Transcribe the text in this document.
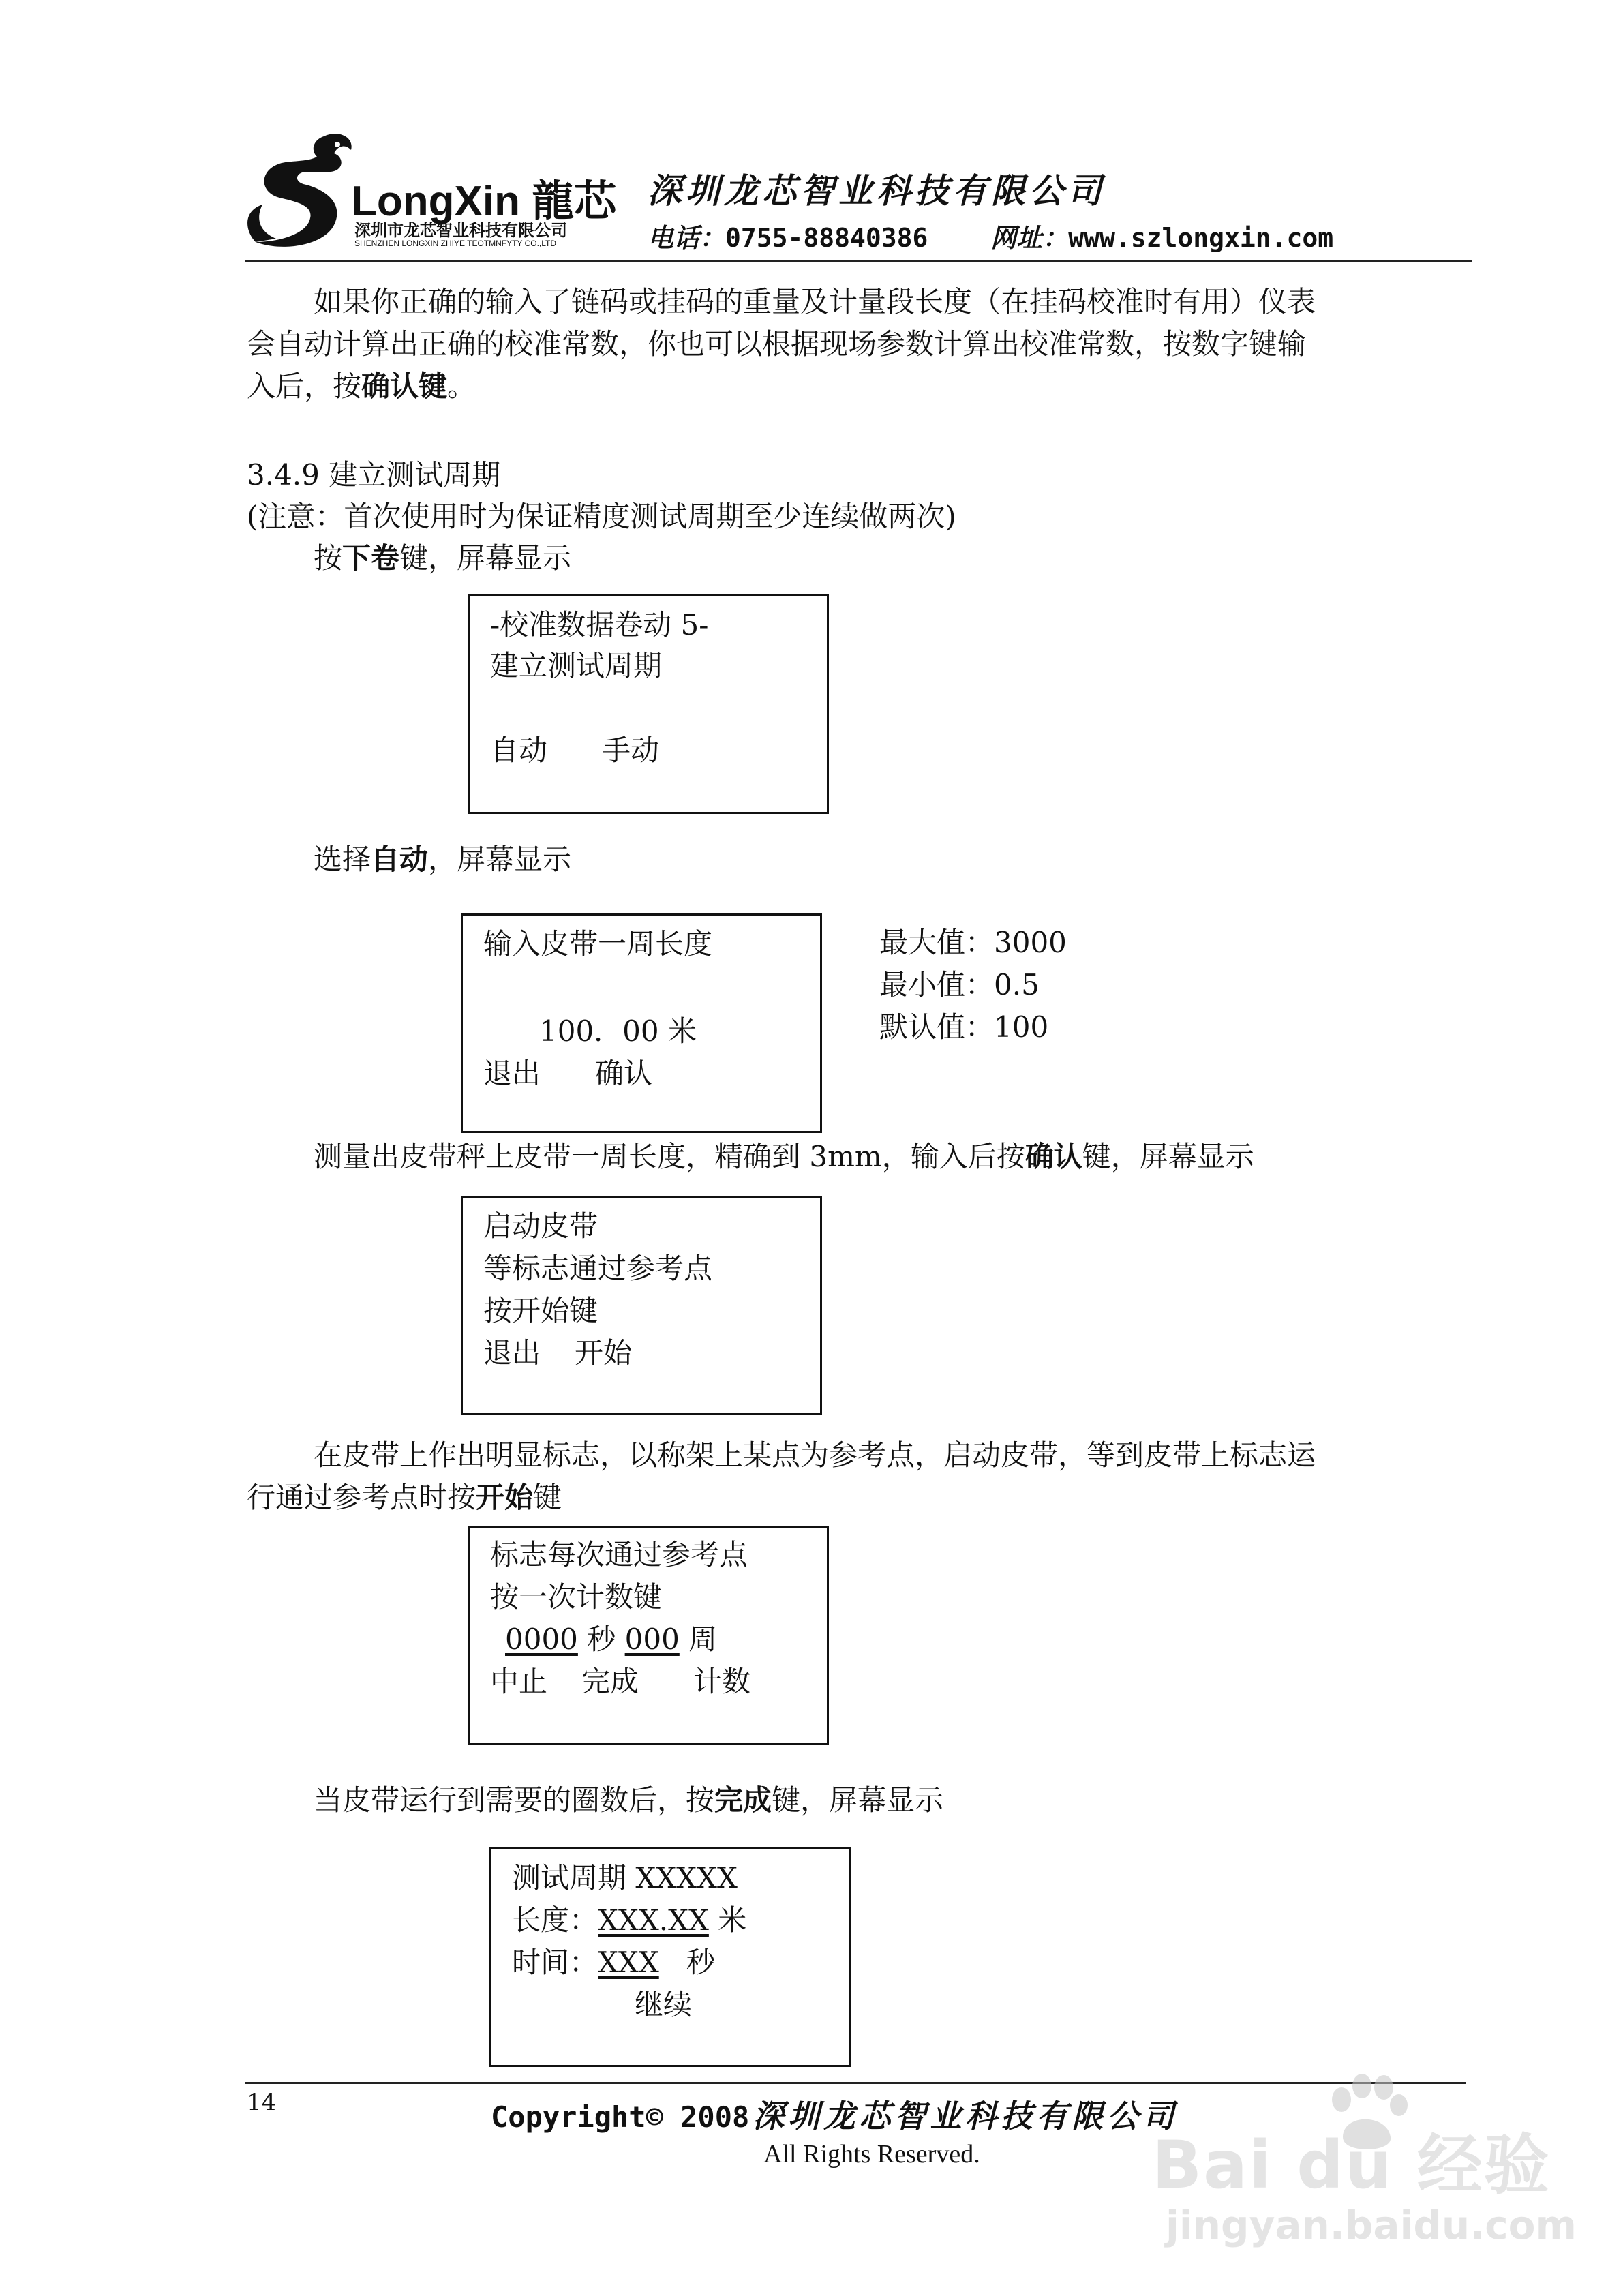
LongXin 龍芯
深圳市龙芯智业科技有限公司
SHENZHEN LONGXIN ZHIYE TEOTMNFYTY CO.,LTD
深圳龙芯智业科技有限公司
电话：0755-88840386 网址：www.szlongxin.com
如果你正确的输入了链码或挂码的重量及计量段长度（在挂码校准时有用）仪表
会自动计算出正确的校准常数，你也可以根据现场参数计算出校准常数，按数字键输
入后，按确认键。
3.4.9 建立测试周期
(注意：首次使用时为保证精度测试周期至少连续做两次)
按下卷键，屏幕显示
-校准数据卷动 5-
建立测试周期
自动 手动
选择自动，屏幕显示
输入皮带一周长度
100．00 米
退出 确认
最大值：3000
最小值：0.5
默认值：100
测量出皮带秤上皮带一周长度，精确到 3mm，输入后按确认键，屏幕显示
启动皮带
等标志通过参考点
按开始键
退出 开始
在皮带上作出明显标志，以称架上某点为参考点，启动皮带，等到皮带上标志运
行通过参考点时按开始键
标志每次通过参考点
按一次计数键
0000 秒 000 周
中止 完成 计数
当皮带运行到需要的圈数后，按完成键，屏幕显示
测试周期 XXXXX
长度：XXX.XX 米
时间：XXX 秒
继续
14	Copyright© 2008 深圳龙芯智业科技有限公司
All Rights Reserved.	Bai du 经验
jingyan.baidu.com
